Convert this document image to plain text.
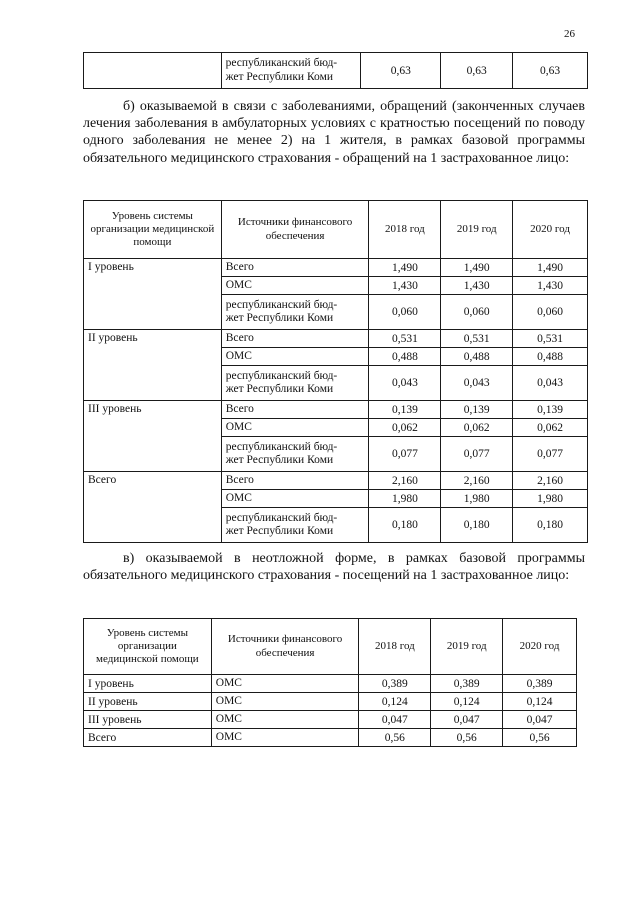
26
	республиканский бюд-
жет Республики Коми	0,63	0,63	0,63

б) оказываемой в связи с заболеваниями, обращений (законченных случаев лечения заболевания в амбулаторных условиях с кратностью посещений по поводу одного заболевания не менее 2) на 1 жителя, в рамках базовой программы обязательного медицинского страхования - обращений на 1 застрахованное лицо:

Уровень системы организации медицинской помощи	Источники финансового обеспечения	2018 год	2019 год	2020 год
I уровень	Всего	1,490	1,490	1,490
	ОМС	1,430	1,430	1,430
	республиканский бюд-
жет Республики Коми	0,060	0,060	0,060
II уровень	Всего	0,531	0,531	0,531
	ОМС	0,488	0,488	0,488
	республиканский бюд-
жет Республики Коми	0,043	0,043	0,043
III уровень	Всего	0,139	0,139	0,139
	ОМС	0,062	0,062	0,062
	республиканский бюд-
жет Республики Коми	0,077	0,077	0,077
Всего	Всего	2,160	2,160	2,160
	ОМС	1,980	1,980	1,980
	республиканский бюд-
жет Республики Коми	0,180	0,180	0,180

в) оказываемой в неотложной форме, в рамках базовой программы обязательного медицинского страхования - посещений на 1 застрахованное лицо:

Уровень системы организации медицинской помощи	Источники финансового обеспечения	2018 год	2019 год	2020 год
I уровень	ОМС	0,389	0,389	0,389
II уровень	ОМС	0,124	0,124	0,124
III уровень	ОМС	0,047	0,047	0,047
Всего	ОМС	0,56	0,56	0,56
